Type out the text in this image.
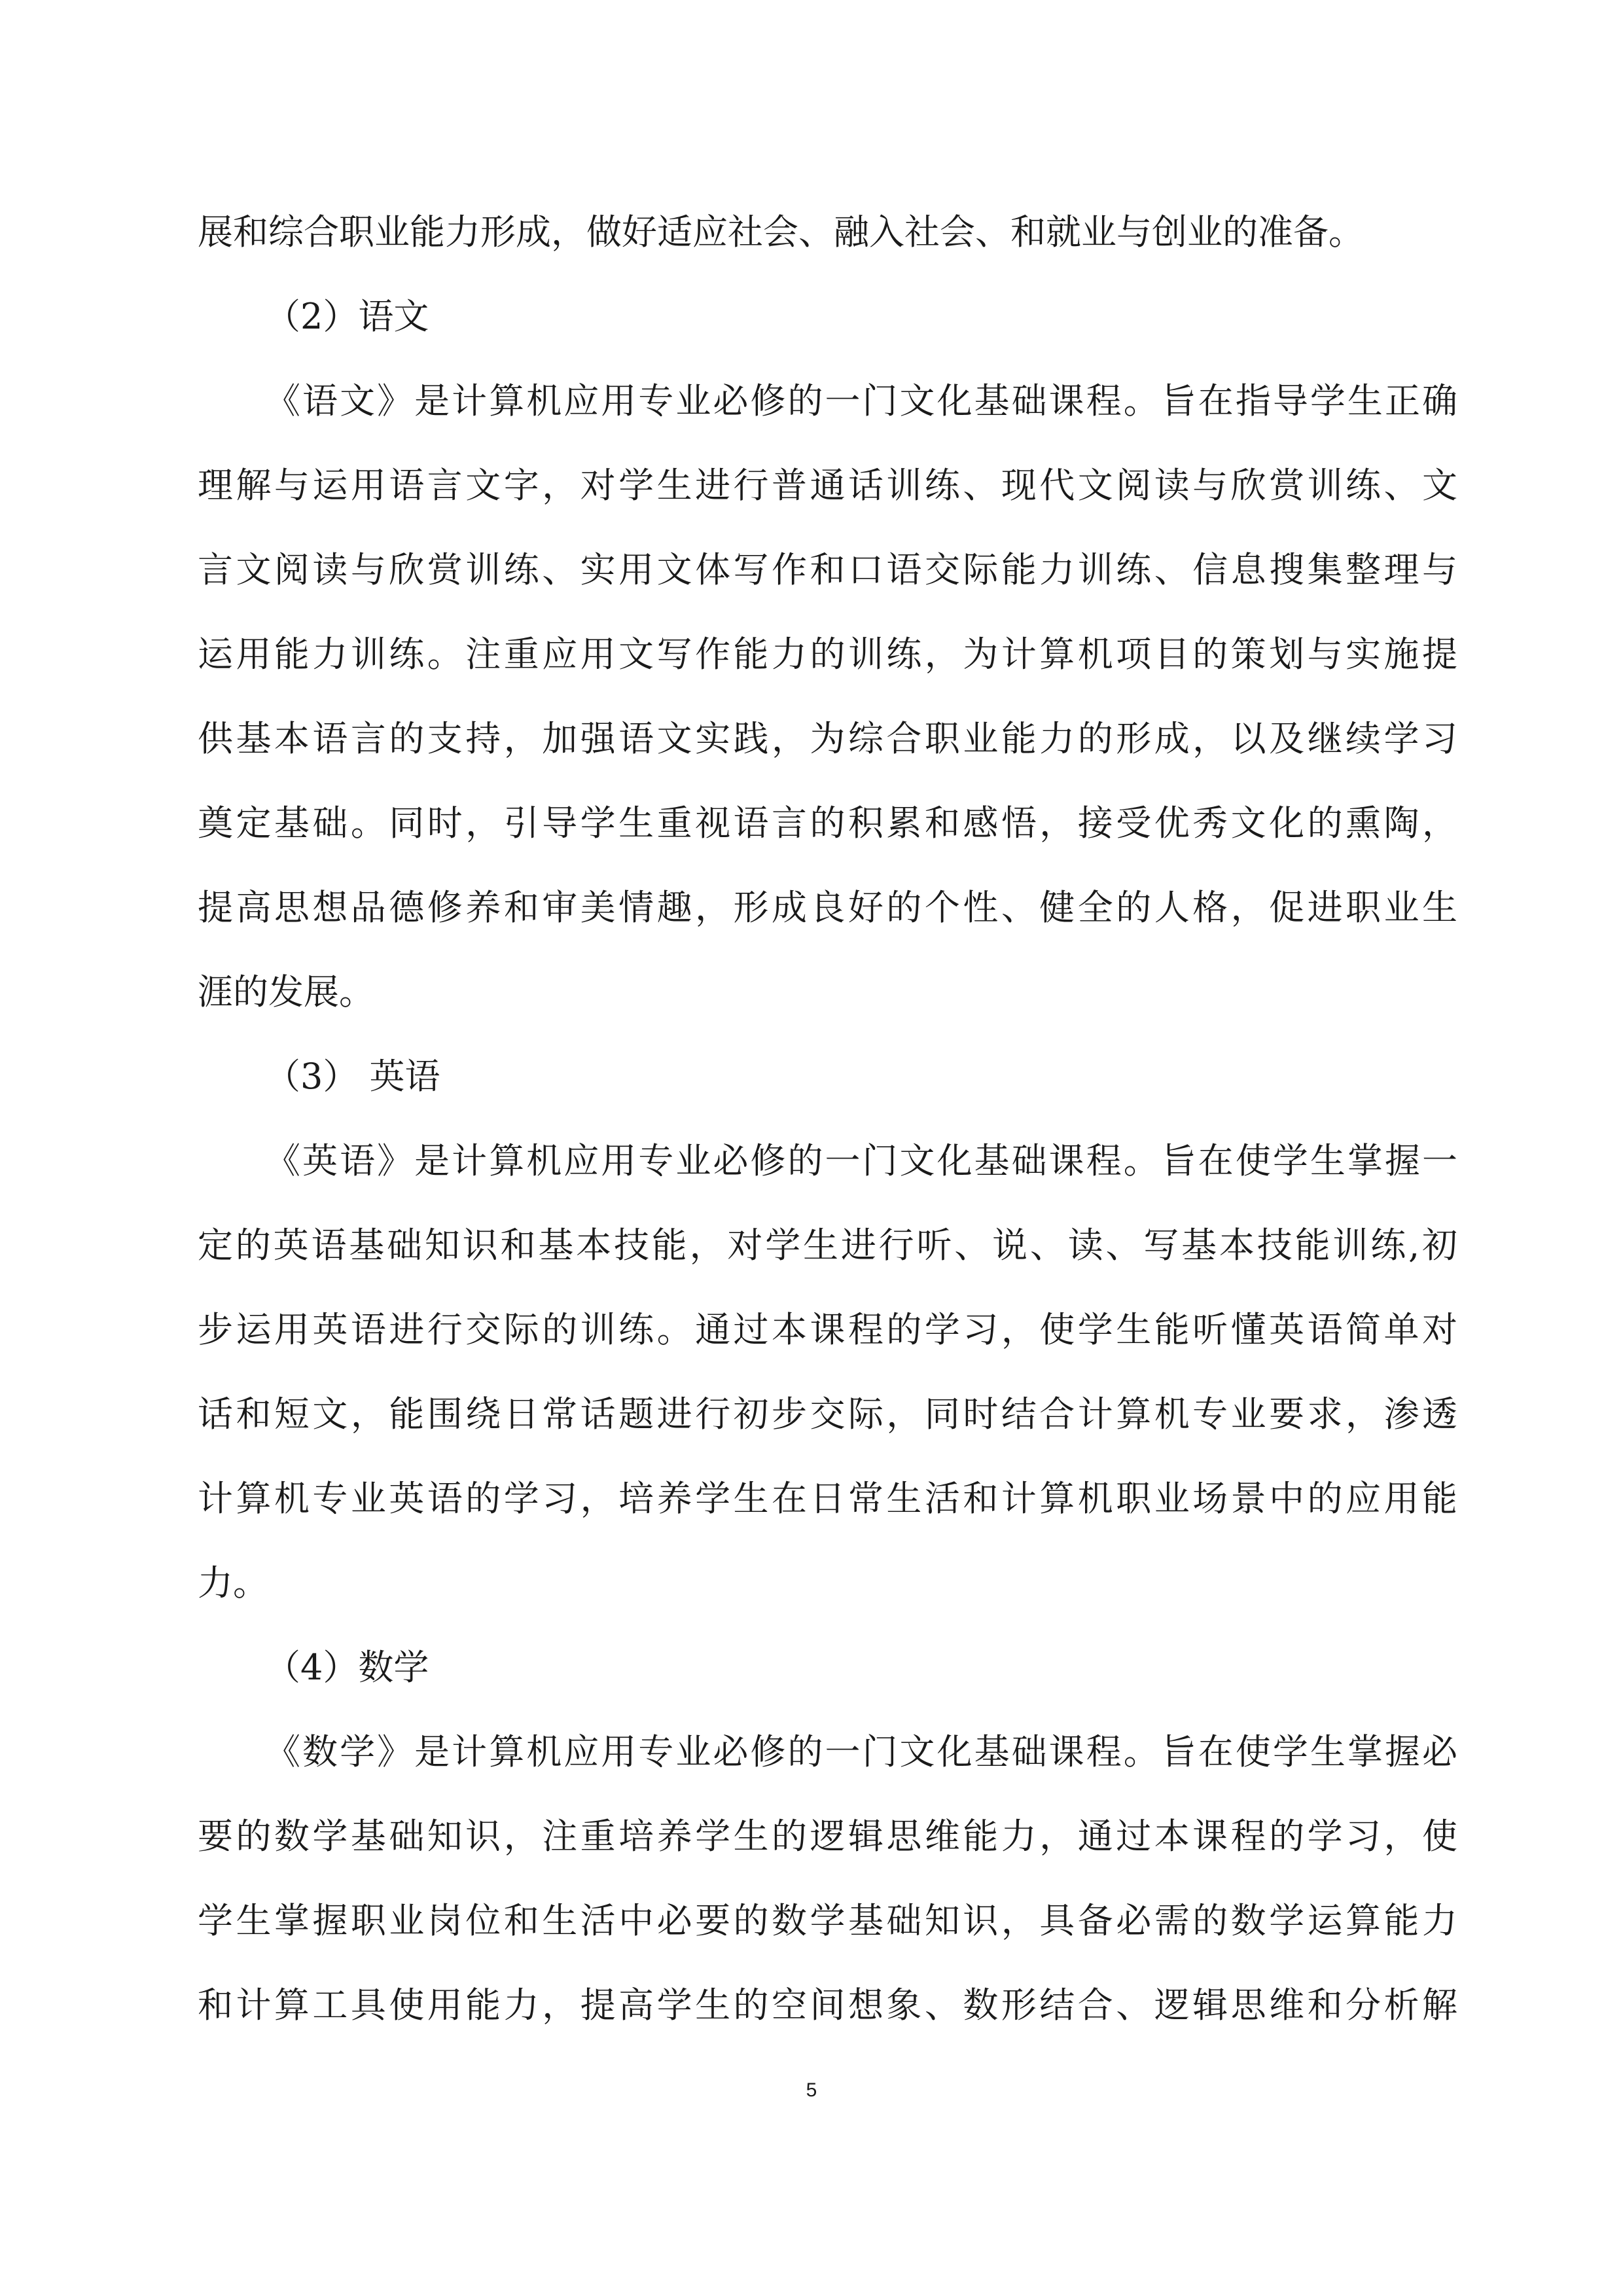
展和综合职业能力形成，做好适应社会、融入社会、和就业与创业的准备。

（2）语文

《语文》是计算机应用专业必修的一门文化基础课程。旨在指导学生正确

理解与运用语言文字，对学生进行普通话训练、现代文阅读与欣赏训练、文

言文阅读与欣赏训练、实用文体写作和口语交际能力训练、信息搜集整理与

运用能力训练。注重应用文写作能力的训练，为计算机项目的策划与实施提

供基本语言的支持，加强语文实践，为综合职业能力的形成，以及继续学习

奠定基础。同时，引导学生重视语言的积累和感悟，接受优秀文化的熏陶，

提高思想品德修养和审美情趣，形成良好的个性、健全的人格，促进职业生

涯的发展。

（3） 英语

《英语》是计算机应用专业必修的一门文化基础课程。旨在使学生掌握一

定的英语基础知识和基本技能，对学生进行听、说、读、写基本技能训练,初

步运用英语进行交际的训练。通过本课程的学习，使学生能听懂英语简单对

话和短文，能围绕日常话题进行初步交际，同时结合计算机专业要求，渗透

计算机专业英语的学习，培养学生在日常生活和计算机职业场景中的应用能

力。

（4）数学

《数学》是计算机应用专业必修的一门文化基础课程。旨在使学生掌握必

要的数学基础知识，注重培养学生的逻辑思维能力，通过本课程的学习，使

学生掌握职业岗位和生活中必要的数学基础知识，具备必需的数学运算能力

和计算工具使用能力，提高学生的空间想象、数形结合、逻辑思维和分析解

5
